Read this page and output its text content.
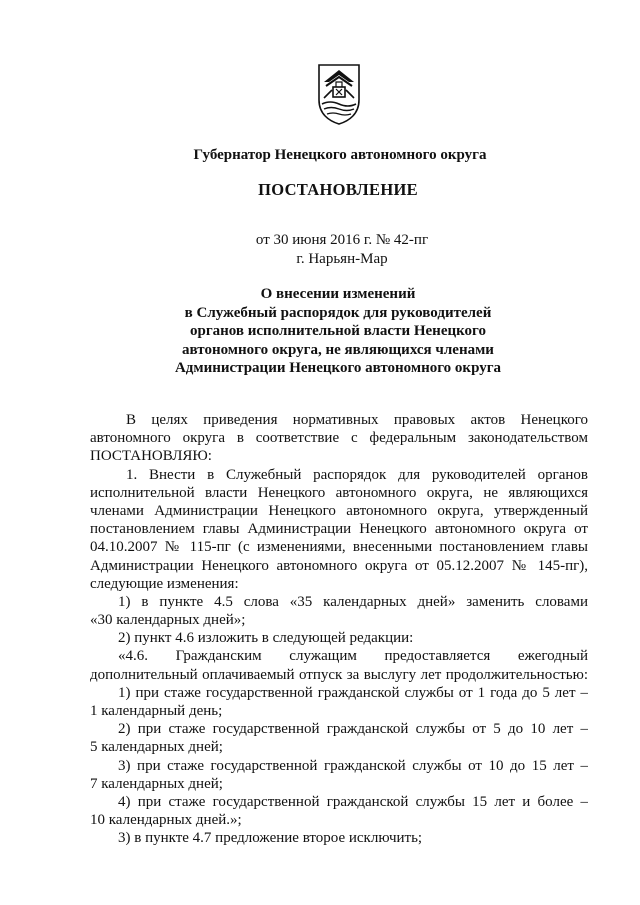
Губернатор Ненецкого автономного округа
ПОСТАНОВЛЕНИЕ
от 30 июня 2016 г. № 42-пг
г. Нарьян-Мар
О внесении изменений
в Служебный распорядок для руководителей
органов исполнительной власти Ненецкого
автономного округа, не являющихся членами
Администрации Ненецкого автономного округа
В целях приведения нормативных правовых актов Ненецкого
автономного округа в соответствие с федеральным законодательством
ПОСТАНОВЛЯЮ:
1. Внести в Служебный распорядок для руководителей органов
исполнительной власти Ненецкого автономного округа, не являющихся
членами Администрации Ненецкого автономного округа, утвержденный
постановлением главы Администрации Ненецкого автономного округа от
04.10.2007 № 115-пг (с изменениями, внесенными постановлением главы
Администрации Ненецкого автономного округа от 05.12.2007 № 145-пг),
следующие изменения:
1) в пункте 4.5 слова «35 календарных дней» заменить словами
«30 календарных дней»;
2) пункт 4.6 изложить в следующей редакции:
«4.6. Гражданским служащим предоставляется ежегодный
дополнительный оплачиваемый отпуск за выслугу лет продолжительностью:
1) при стаже государственной гражданской службы от 1 года до 5 лет –
1 календарный день;
2) при стаже государственной гражданской службы от 5 до 10 лет –
5 календарных дней;
3) при стаже государственной гражданской службы от 10 до 15 лет –
7 календарных дней;
4) при стаже государственной гражданской службы 15 лет и более –
10 календарных дней.»;
3) в пункте 4.7 предложение второе исключить;
